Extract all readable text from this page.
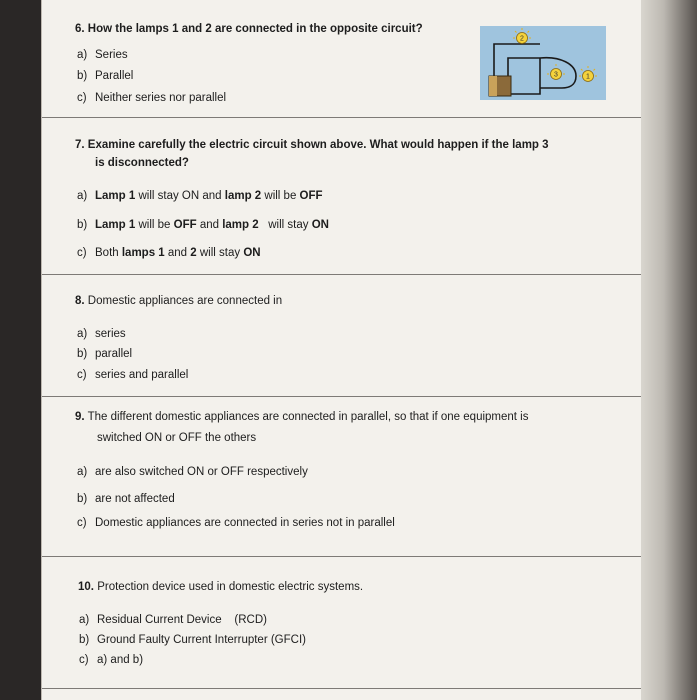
6. How the lamps 1 and 2 are connected in the opposite circuit?

a) Series

b) Parallel

c) Neither series nor parallel

2
3	1

7. Examine carefully the electric circuit shown above. What would happen if the lamp 3

is disconnected?

a) Lamp 1 will stay ON and lamp 2 will be OFF

b) Lamp 1 will be OFF and lamp 2   will stay ON

c) Both lamps 1 and 2 will stay ON

8. Domestic appliances are connected in

a) series

b) parallel

c) series and parallel

9. The different domestic appliances are connected in parallel, so that if one equipment is

switched ON or OFF the others

a) are also switched ON or OFF respectively

b) are not affected

c) Domestic appliances are connected in series not in parallel

10. Protection device used in domestic electric systems.

a) Residual Current Device    (RCD)

b) Ground Faulty Current Interrupter (GFCI)

c) a) and b)
